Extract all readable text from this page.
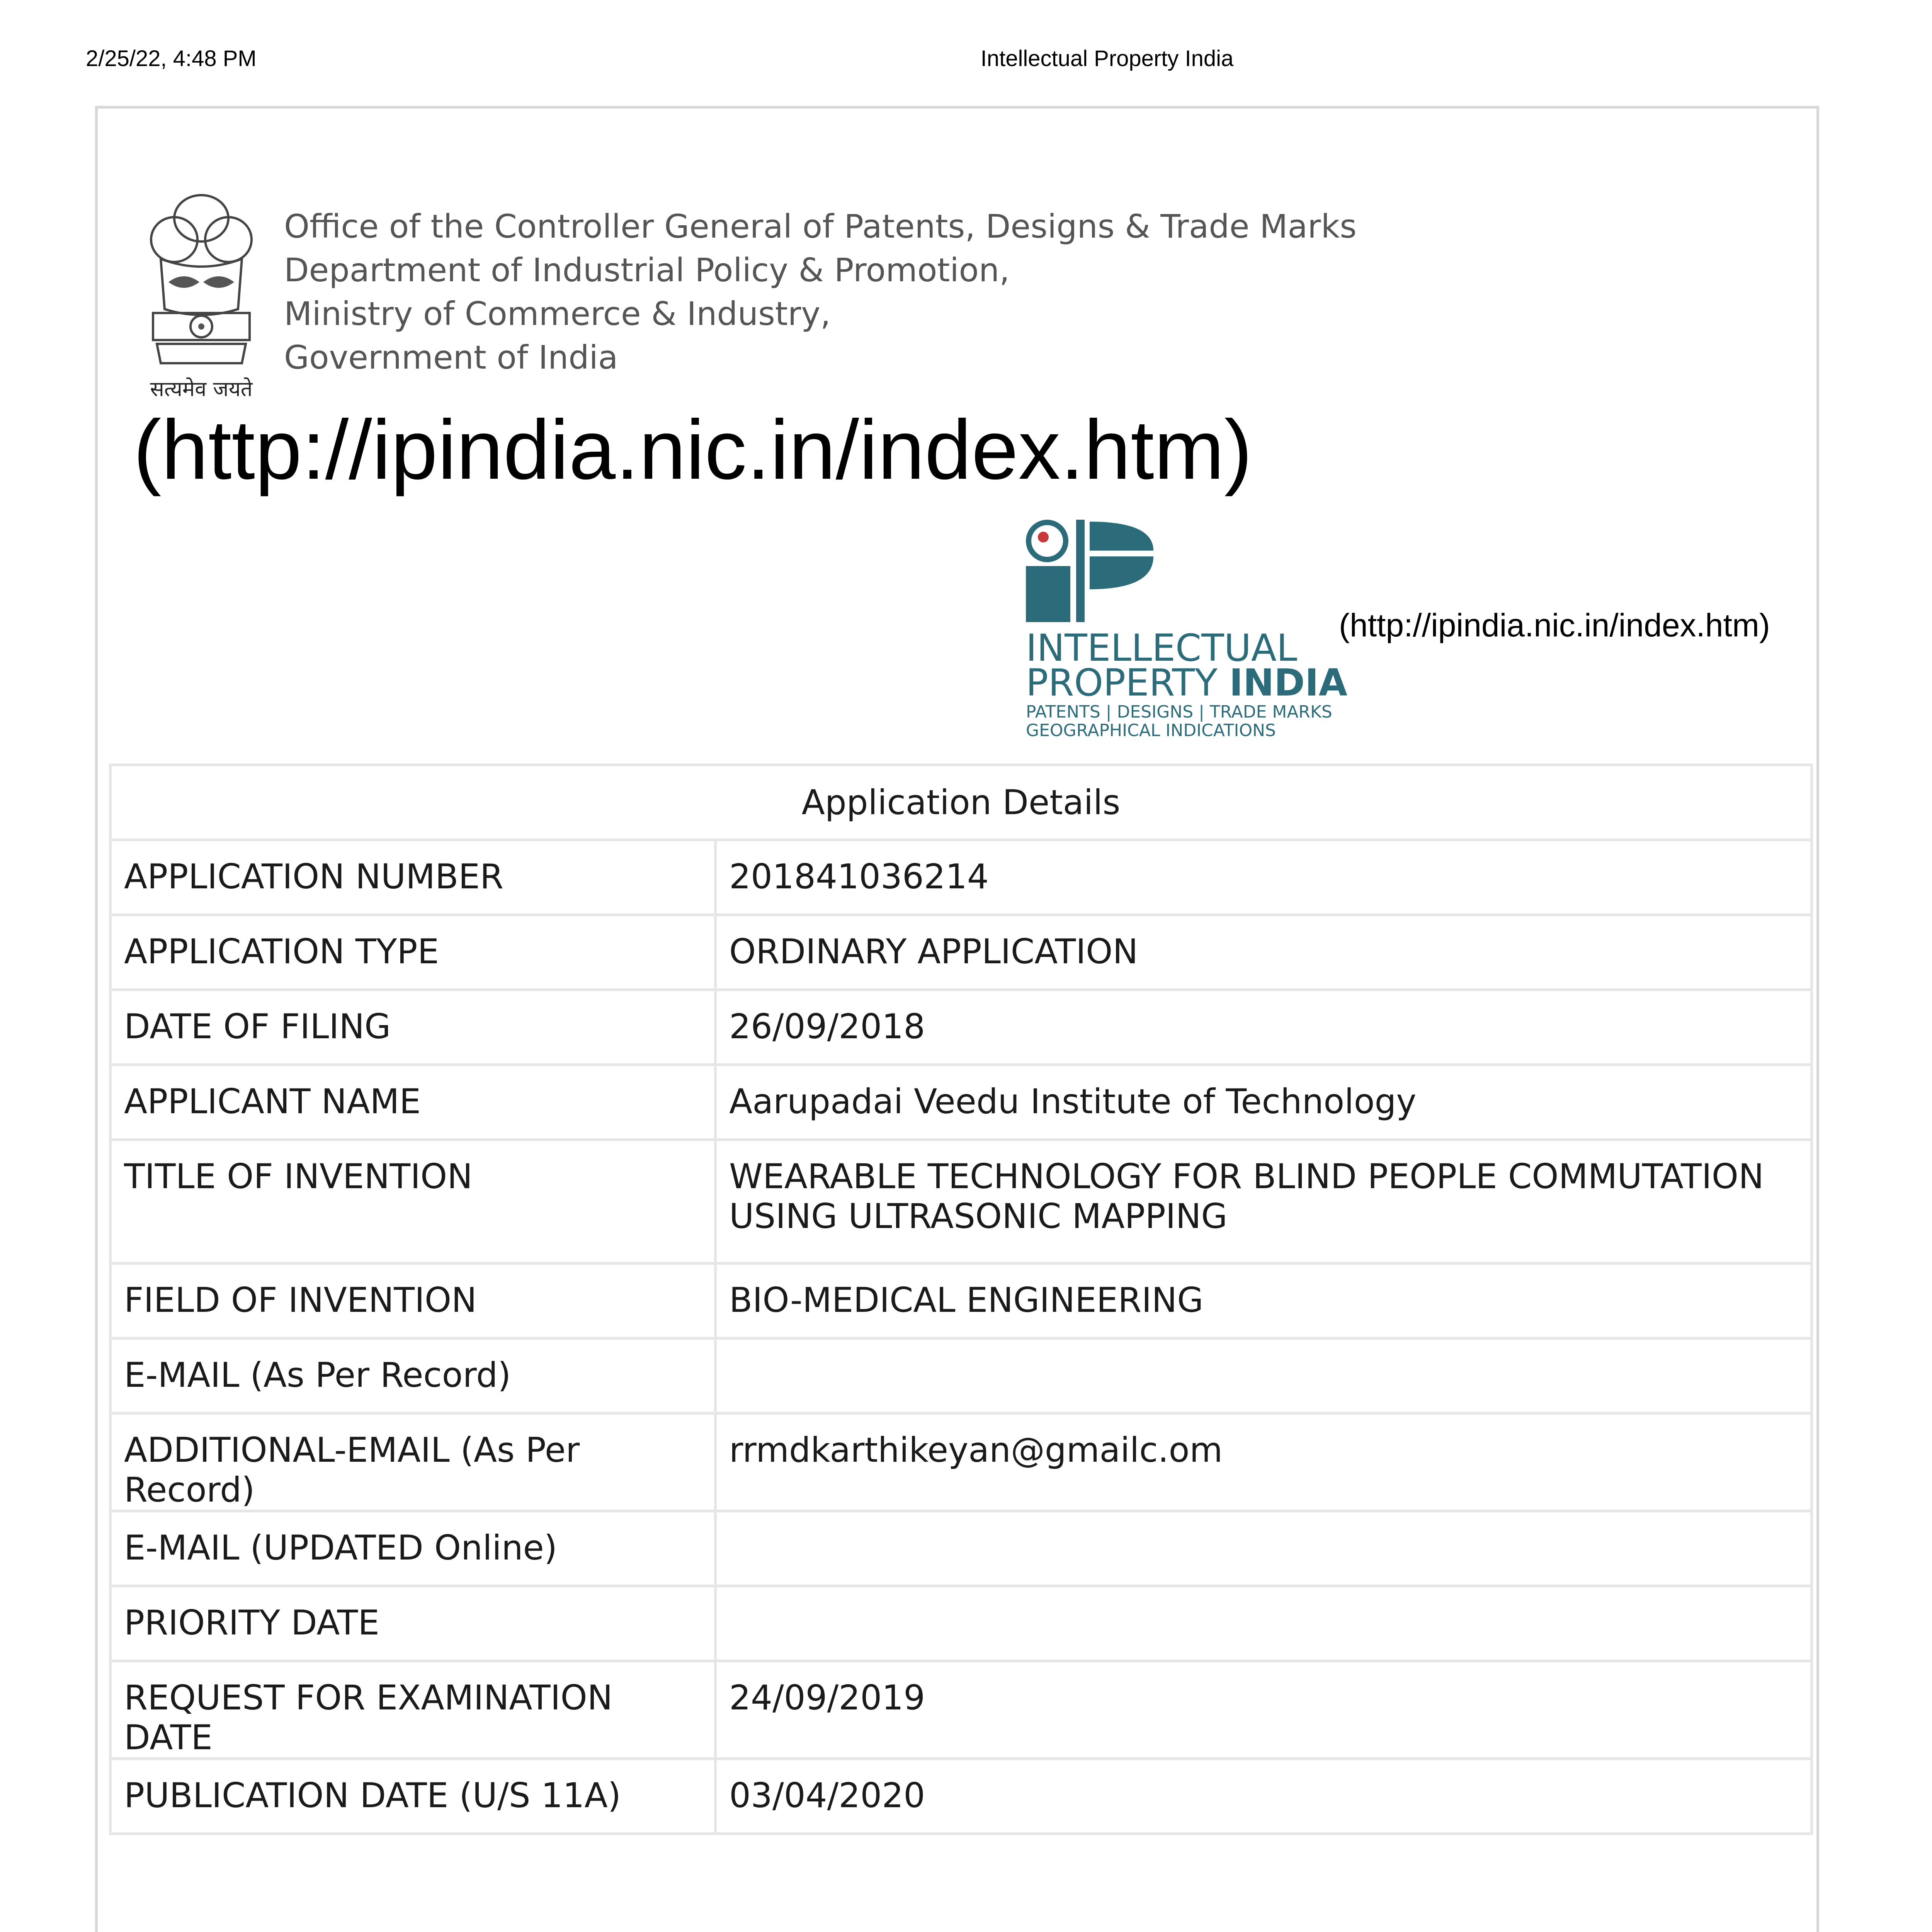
2/25/22, 4:48 PM	Intellectual Property India
सत्यमेव जयते
Office of the Controller General of Patents, Designs & Trade Marks
Department of Industrial Policy & Promotion,
Ministry of Commerce & Industry,
Government of India
(http://ipindia.nic.in/index.htm)
INTELLECTUAL
PROPERTY INDIA
PATENTS | DESIGNS | TRADE MARKS
GEOGRAPHICAL INDICATIONS
(http://ipindia.nic.in/index.htm)
Application Details	
APPLICATION NUMBER	201841036214
APPLICATION TYPE	ORDINARY APPLICATION
DATE OF FILING	26/09/2018
APPLICANT NAME	Aarupadai Veedu Institute of Technology
TITLE OF INVENTION	WEARABLE TECHNOLOGY FOR BLIND PEOPLE COMMUTATION USING ULTRASONIC MAPPING
FIELD OF INVENTION	BIO-MEDICAL ENGINEERING
E-MAIL (As Per Record)	
ADDITIONAL-EMAIL (As Per Record)	rrmdkarthikeyan@gmailc.om
E-MAIL (UPDATED Online)	
PRIORITY DATE	
REQUEST FOR EXAMINATION DATE	24/09/2019
PUBLICATION DATE (U/S 11A)	03/04/2020
